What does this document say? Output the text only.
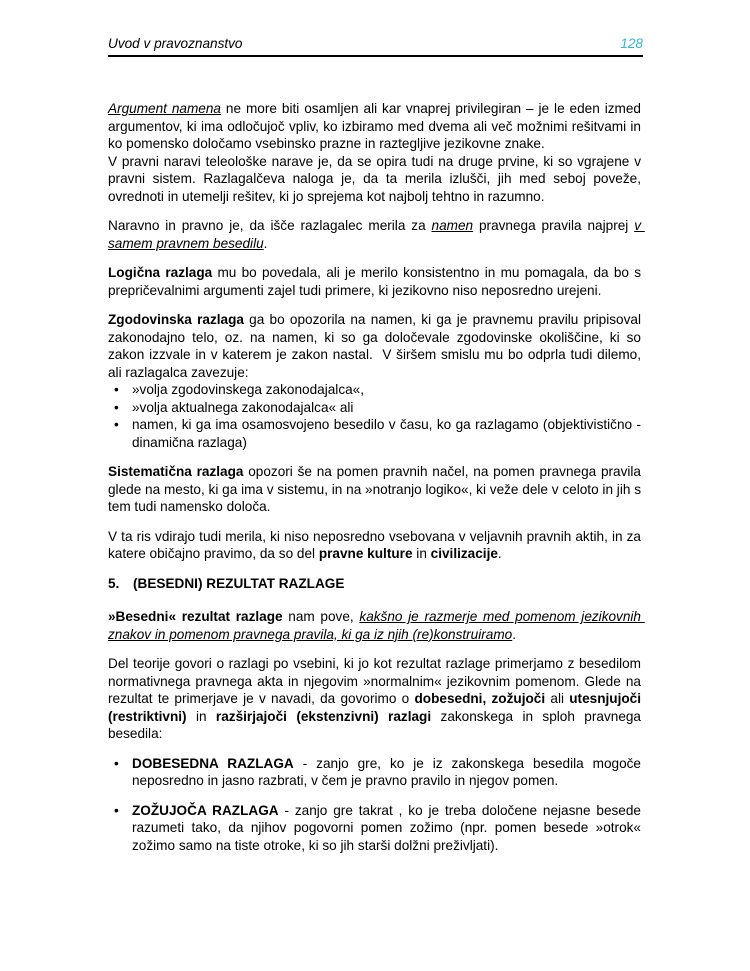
Uvod v pravoznanstvo	128

Argument namena ne more biti osamljen ali kar vnaprej privilegiran – je le eden izmed argumentov, ki ima odločujoč vpliv, ko izbiramo med dvema ali več možnimi rešitvami in ko pomensko določamo vsebinsko prazne in raztegljive jezikovne znake.

V pravni naravi teleološke narave je, da se opira tudi na druge prvine, ki so vgrajene v pravni sistem. Razlagalčeva naloga je, da ta merila izlušči, jih med seboj poveže, ovrednoti in utemelji rešitev, ki jo sprejema kot najbolj tehtno in razumno.

Naravno in pravno je, da išče razlagalec merila za namen pravnega pravila najprej v samem pravnem besedilu.

Logična razlaga mu bo povedala, ali je merilo konsistentno in mu pomagala, da bo s prepričevalnimi argumenti zajel tudi primere, ki jezikovno niso neposredno urejeni.

Zgodovinska razlaga ga bo opozorila na namen, ki ga je pravnemu pravilu pripisoval zakonodajno telo, oz. na namen, ki so ga določevale zgodovinske okoliščine, ki so zakon izzvale in v katerem je zakon nastal.  V širšem smislu mu bo odprla tudi dilemo, ali razlagalca zavezuje:

• »volja zgodovinskega zakonodajalca«,
• »volja aktualnega zakonodajalca« ali
• namen, ki ga ima osamosvojeno besedilo v času, ko ga razlagamo (objektivistično - dinamična razlaga)

Sistematična razlaga opozori še na pomen pravnih načel, na pomen pravnega pravila glede na mesto, ki ga ima v sistemu, in na »notranjo logiko«, ki veže dele v celoto in jih s tem tudi namensko določa.

V ta ris vdirajo tudi merila, ki niso neposredno vsebovana v veljavnih pravnih aktih, in za katere običajno pravimo, da so del pravne kulture in civilizacije.

5.	(BESEDNI) REZULTAT RAZLAGE

»Besedni« rezultat razlage nam pove, kakšno je razmerje med pomenom jezikovnih znakov in pomenom pravnega pravila, ki ga iz njih (re)konstruiramo.

Del teorije govori o razlagi po vsebini, ki jo kot rezultat razlage primerjamo z besedilom normativnega pravnega akta in njegovim »normalnim« jezikovnim pomenom. Glede na rezultat te primerjave je v navadi, da govorimo o dobesedni, zožujoči ali utesnjujoči (restriktivni) in razširjajoči (ekstenzivni) razlagi zakonskega in sploh pravnega besedila:

• DOBESEDNA RAZLAGA - zanjo gre, ko je iz zakonskega besedila mogoče neposredno in jasno razbrati, v čem je pravno pravilo in njegov pomen.
• ZOŽUJOČA RAZLAGA - zanjo gre takrat , ko je treba določene nejasne besede razumeti tako, da njihov pogovorni pomen zožimo (npr. pomen besede »otrok« zožimo samo na tiste otroke, ki so jih starši dolžni preživljati).
